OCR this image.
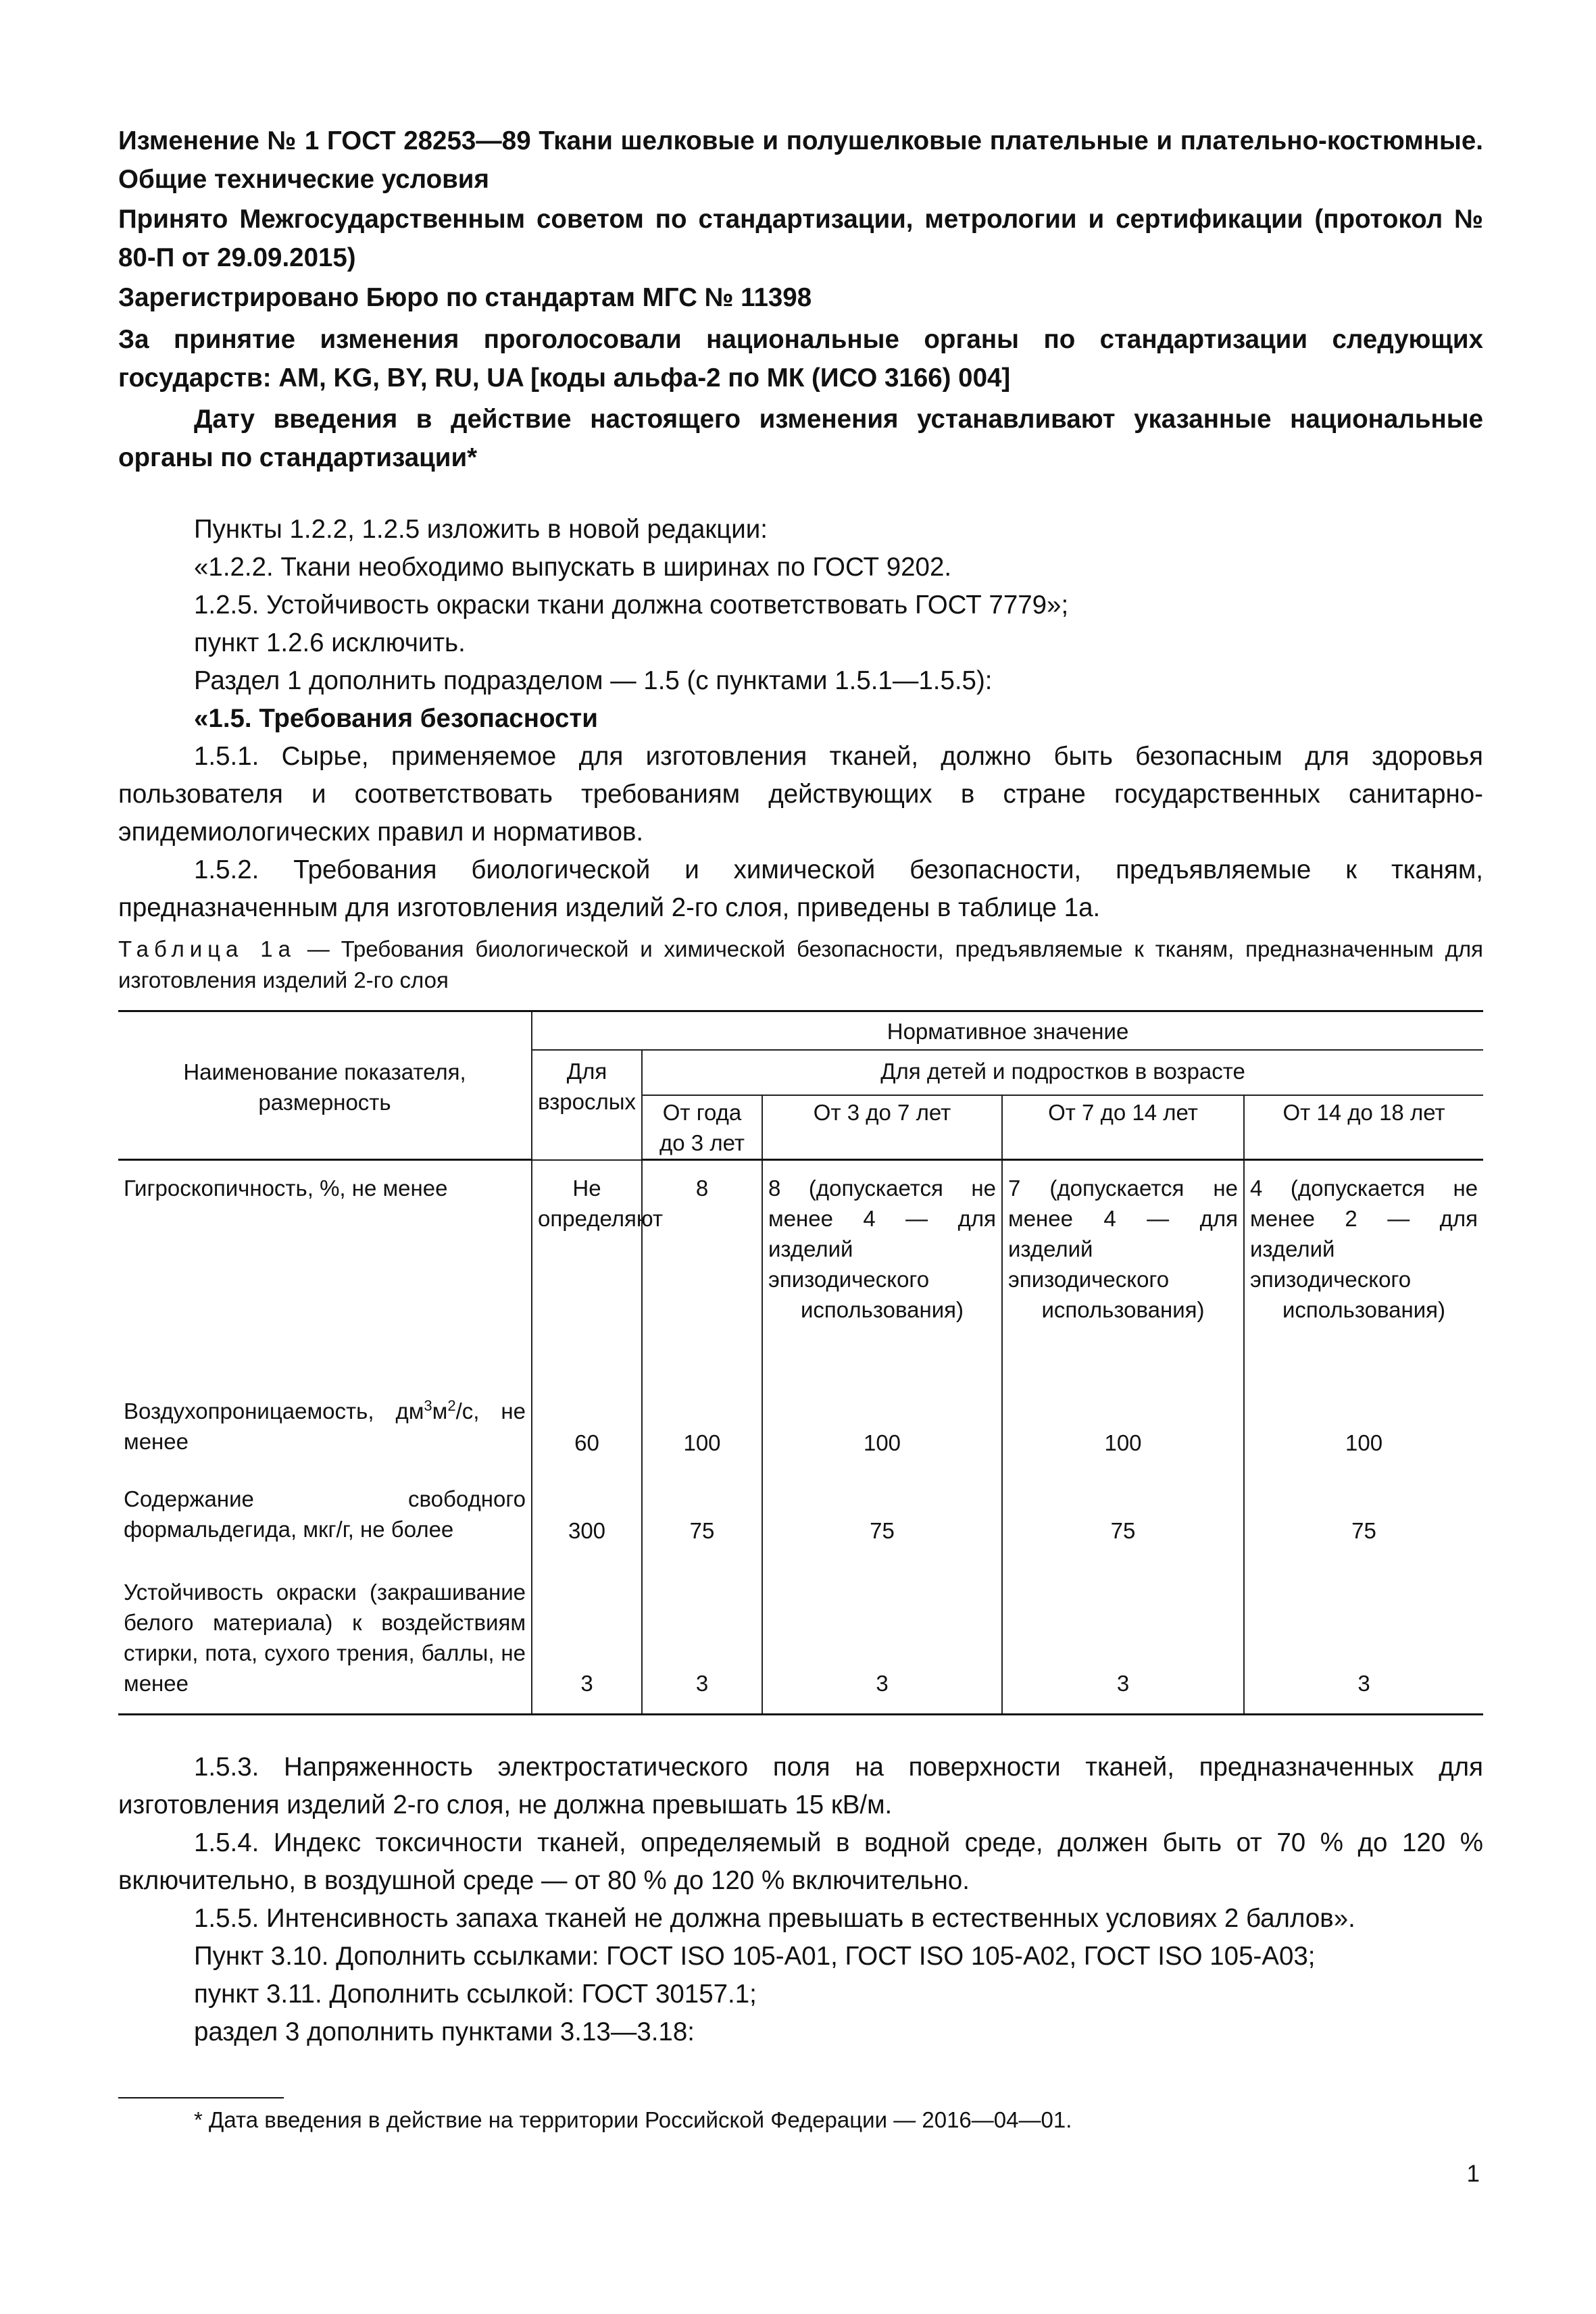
Изменение № 1 ГОСТ 28253—89 Ткани шелковые и полушелковые плательные и плательно-костюмные. Общие технические условия
Принято Межгосударственным советом по стандартизации, метрологии и сертификации (протокол № 80-П от 29.09.2015)
Зарегистрировано Бюро по стандартам МГС № 11398
За принятие изменения проголосовали национальные органы по стандартизации следующих государств: AM, KG, BY, RU, UA [коды альфа-2 по МК (ИСО 3166) 004]
Дату введения в действие настоящего изменения устанавливают указанные национальные органы по стандартизации*

Пункты 1.2.2, 1.2.5 изложить в новой редакции:

«1.2.2. Ткани необходимо выпускать в ширинах по ГОСТ 9202.

1.2.5. Устойчивость окраски ткани должна соответствовать ГОСТ 7779»;

пункт 1.2.6 исключить.

Раздел 1 дополнить подразделом — 1.5 (с пунктами 1.5.1—1.5.5):

«1.5. Требования безопасности

1.5.1. Сырье, применяемое для изготовления тканей, должно быть безопасным для здоровья пользователя и соответствовать требованиям действующих в стране государственных санитарно-эпидемиологических правил и нормативов.

1.5.2. Требования биологической и химической безопасности, предъявляемые к тканям, предназначенным для изготовления изделий 2-го слоя, приведены в таблице 1а.

Таблица 1а — Требования биологической и химической безопасности, предъявляемые к тканям, предназначенным для изготовления изделий 2-го слоя
Наименование показателя, размерность	Нормативное значение				
	Для взрослых	Для детей и подростков в возрасте			
		От года до 3 лет	От 3 до 7 лет	От 7 до 14 лет	От 14 до 18 лет
Гигроскопичность, %, не менее	Не определяют	8	8 (допускается не менее 4 — для изделий эпизодического использования)	7 (допускается не менее 4 — для изделий эпизодического использования)	4 (допускается не менее 2 — для изделий эпизодического использования)
Воздухопроницаемость, $дм^3м^2/с$, не менее	60	100	100	100	100
Содержание свободного формальдегида, мкг/г, не более	300	75	75	75	75
Устойчивость окраски (закрашивание белого материала) к воздействиям стирки, пота, сухого трения, баллы, не менее	3	3	3	3	3

1.5.3. Напряженность электростатического поля на поверхности тканей, предназначенных для изготовления изделий 2-го слоя, не должна превышать 15 кВ/м.

1.5.4. Индекс токсичности тканей, определяемый в водной среде, должен быть от 70 % до 120 % включительно, в воздушной среде — от 80 % до 120 % включительно.

1.5.5. Интенсивность запаха тканей не должна превышать в естественных условиях 2 баллов».

Пункт 3.10. Дополнить ссылками: ГОСТ ISO 105-A01, ГОСТ ISO 105-A02, ГОСТ ISO 105-A03;

пункт 3.11. Дополнить ссылкой: ГОСТ 30157.1;

раздел 3 дополнить пунктами 3.13—3.18:

* Дата введения в действие на территории Российской Федерации — 2016—04—01.
1
